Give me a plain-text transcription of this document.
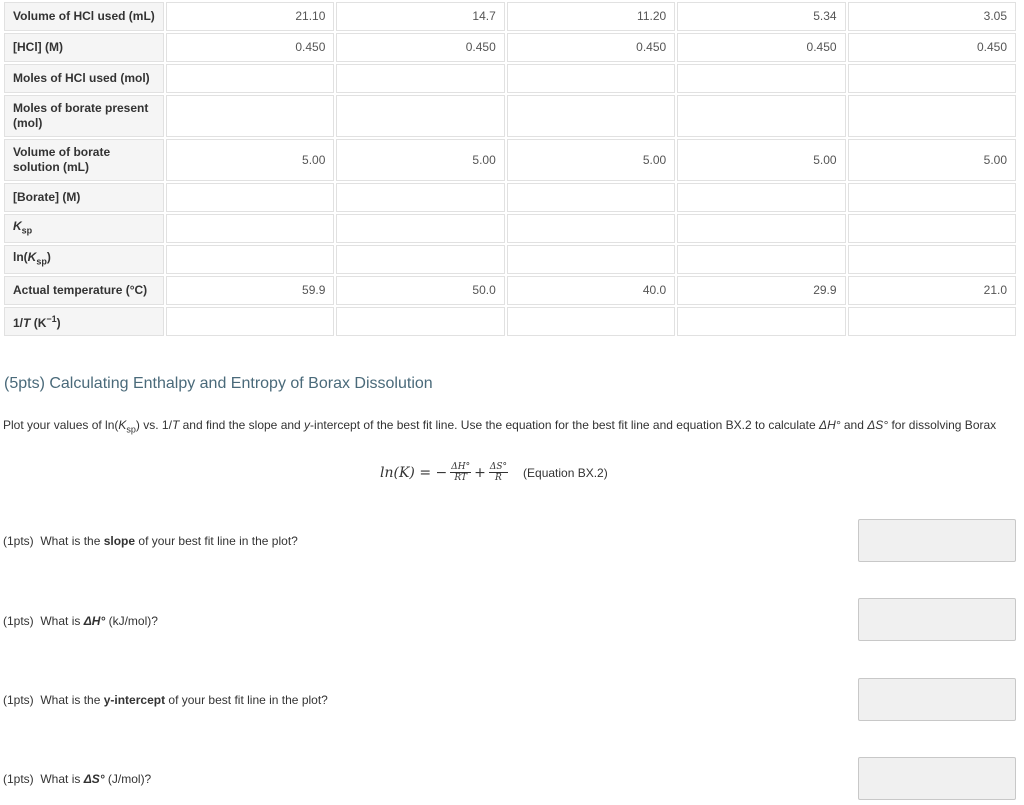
Volume of HCl used (mL)	21.10	14.7	11.20	5.34	3.05
[HCl] (M)	0.450	0.450	0.450	0.450	0.450
Moles of HCl used (mol)					
Moles of borate present (mol)					
Volume of borate solution (mL)	5.00	5.00	5.00	5.00	5.00
[Borate] (M)					
$K_{sp}$					
$\ln(K_{sp})$					
Actual temperature (°C)	59.9	50.0	40.0	29.9	21.0
1/T $(K^{-1})$					
(5pts) Calculating Enthalpy and Entropy of Borax Dissolution
Plot your values of $\ln(K_{sp})$ vs. 1/T and find the slope and y-intercept of the best fit line. Use the equation for the best fit line and equation BX.2 to calculate ΔH° and ΔS° for dissolving Borax
ln(K) = − $\frac{\Delta H^\circ}{RT} + \frac{\Delta S^\circ}{R}$ (Equation BX.2)
(1pts) What is the slope of your best fit line in the plot?
(1pts) What is ΔH° (kJ/mol)?
(1pts) What is the y-intercept of your best fit line in the plot?
(1pts) What is ΔS° (J/mol)?
